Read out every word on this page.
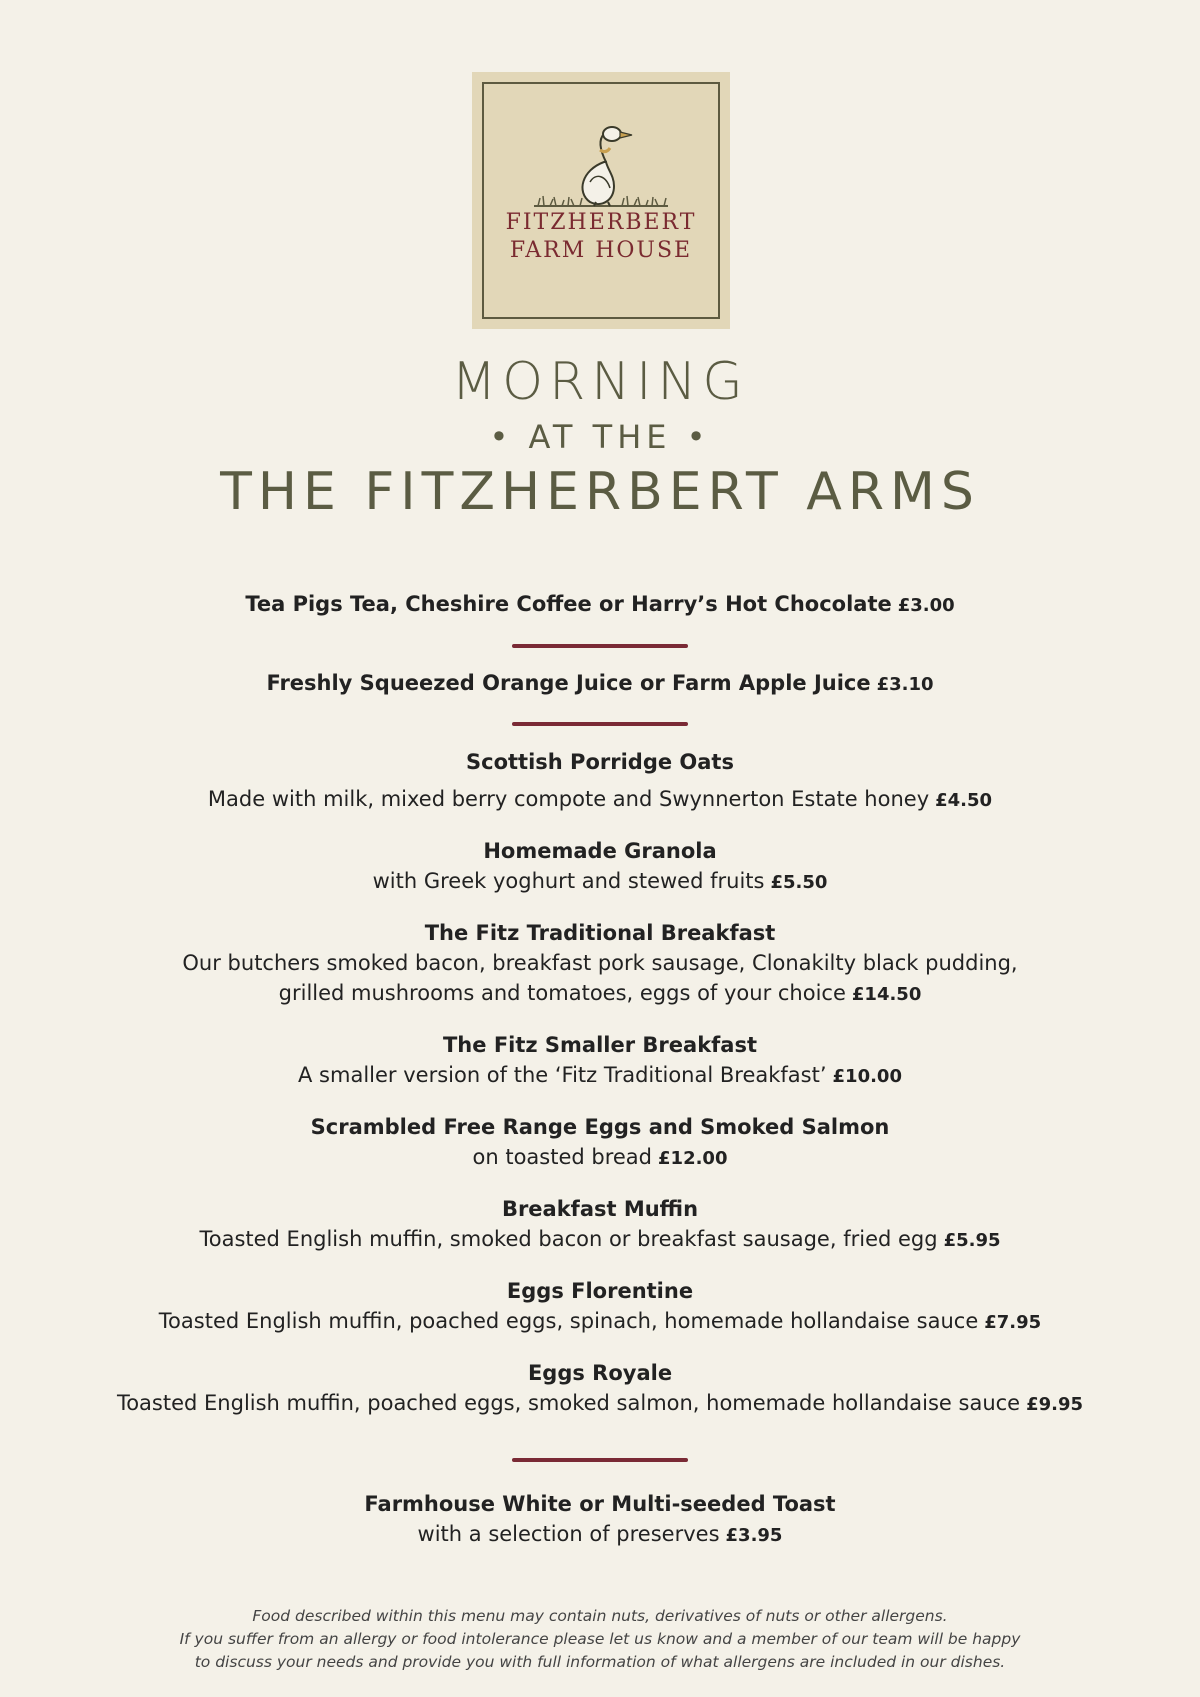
FITZHERBERT
FARM HOUSE
MORNING
• AT THE •
THE FITZHERBERT ARMS
Tea Pigs Tea, Cheshire Coffee or Harry’s Hot Chocolate £3.00
Freshly Squeezed Orange Juice or Farm Apple Juice £3.10
Scottish Porridge Oats
Made with milk, mixed berry compote and Swynnerton Estate honey £4.50
Homemade Granola
with Greek yoghurt and stewed fruits £5.50
The Fitz Traditional Breakfast
Our butchers smoked bacon, breakfast pork sausage, Clonakilty black pudding,
grilled mushrooms and tomatoes, eggs of your choice £14.50
The Fitz Smaller Breakfast
A smaller version of the ‘Fitz Traditional Breakfast’ £10.00
Scrambled Free Range Eggs and Smoked Salmon
on toasted bread £12.00
Breakfast Muffin
Toasted English muffin, smoked bacon or breakfast sausage, fried egg £5.95
Eggs Florentine
Toasted English muffin, poached eggs, spinach, homemade hollandaise sauce £7.95
Eggs Royale
Toasted English muffin, poached eggs, smoked salmon, homemade hollandaise sauce £9.95
Farmhouse White or Multi-seeded Toast
with a selection of preserves £3.95
Food described within this menu may contain nuts, derivatives of nuts or other allergens.
If you suffer from an allergy or food intolerance please let us know and a member of our team will be happy
to discuss your needs and provide you with full information of what allergens are included in our dishes.
